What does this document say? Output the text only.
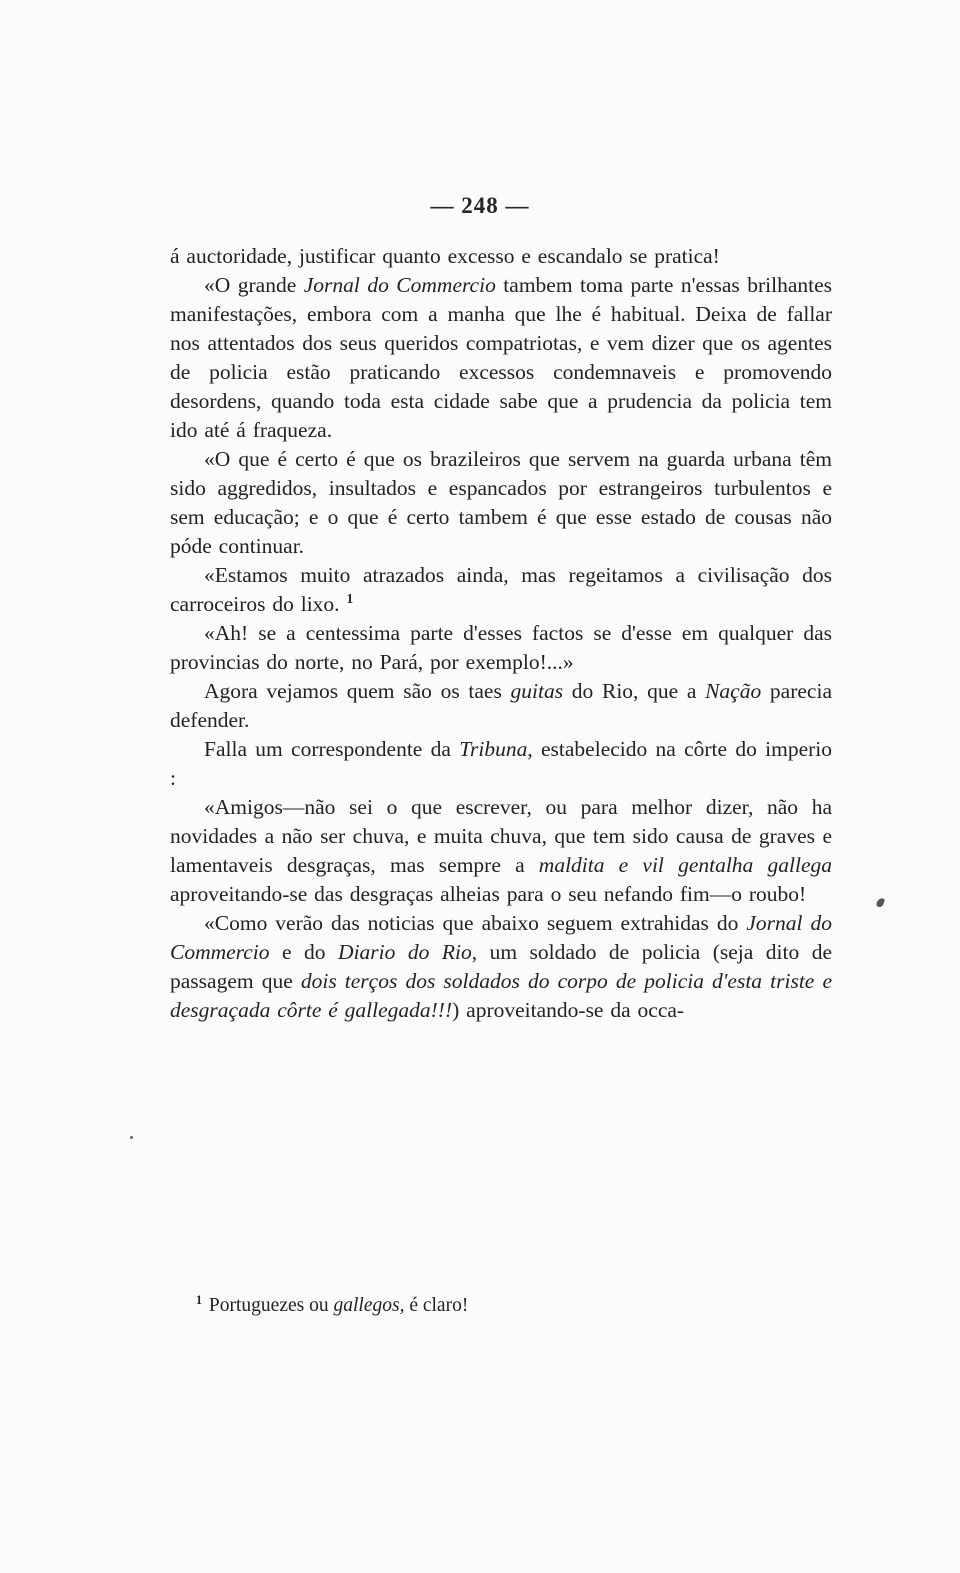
— 248 —

á auctoridade, justificar quanto excesso e escandalo se pratica!

«O grande Jornal do Commercio tambem toma parte n'essas brilhantes manifestações, embora com a manha que lhe é habitual. Deixa de fallar nos attentados dos seus queridos compatriotas, e vem dizer que os agentes de policia estão praticando excessos condemnaveis e promovendo desordens, quando toda esta cidade sabe que a prudencia da policia tem ido até á fraqueza.

«O que é certo é que os brazileiros que servem na guarda urbana têm sido aggredidos, insultados e espancados por estrangeiros turbulentos e sem educação; e o que é certo tambem é que esse estado de cousas não póde continuar.

«Estamos muito atrazados ainda, mas regeitamos a civilisação dos carroceiros do lixo. $^1$

«Ah! se a centessima parte d'esses factos se d'esse em qualquer das provincias do norte, no Pará, por exemplo!...»

Agora vejamos quem são os taes guitas do Rio, que a Nação parecia defender.

Falla um correspondente da Tribuna, estabelecido na côrte do imperio :

«Amigos—não sei o que escrever, ou para melhor dizer, não ha novidades a não ser chuva, e muita chuva, que tem sido causa de graves e lamentaveis desgraças, mas sempre a maldita e vil gentalha gallega aproveitando-se das desgraças alheias para o seu nefando fim—o roubo!

«Como verão das noticias que abaixo seguem extrahidas do Jornal do Commercio e do Diario do Rio, um soldado de policia (seja dito de passagem que dois terços dos soldados do corpo de policia d'esta triste e desgraçada côrte é gallegada!!!) aproveitando-se da occa-

$^1$ Portuguezes ou gallegos, é claro!
